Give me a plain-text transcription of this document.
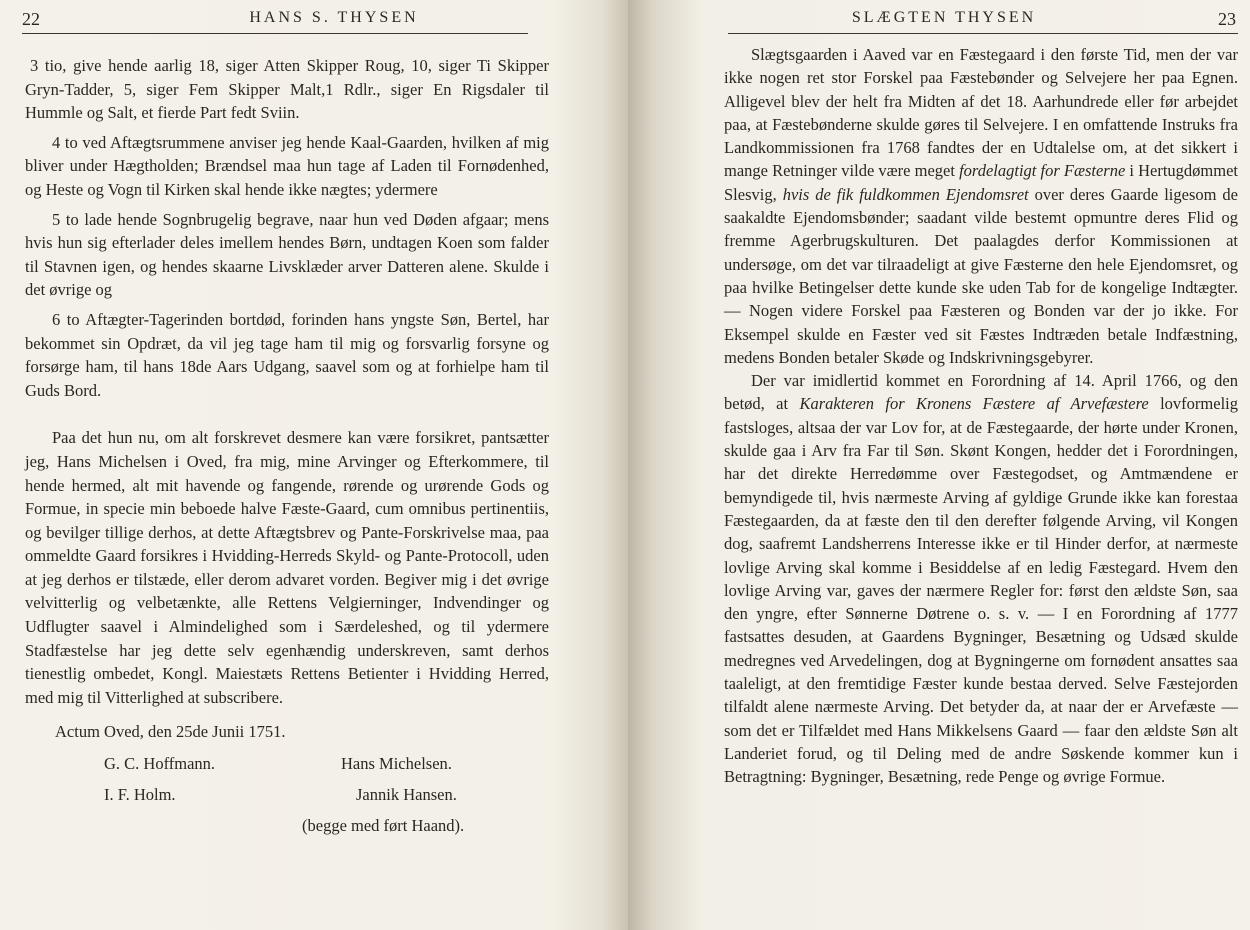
22	HANS S. THYSEN

3 tio, give hende aarlig 18, siger Atten Skipper Roug, 10, siger Ti Skipper Gryn-Tadder, 5, siger Fem Skipper Malt,1 Rdlr., siger En Rigsdaler til Hummle og Salt, et fierde Part fedt Sviin.

4 to ved Aftægtsrummene anviser jeg hende Kaal-Gaarden, hvilken af mig bliver under Hægtholden; Brændsel maa hun tage af Laden til Fornødenhed, og Heste og Vogn til Kirken skal hende ikke nægtes; ydermere

5 to lade hende Sognbrugelig begrave, naar hun ved Døden afgaar; mens hvis hun sig efterlader deles imellem hendes Børn, undtagen Koen som falder til Stavnen igen, og hendes skaarne Livsklæder arver Datteren alene. Skulde i det øvrige og

6 to Aftægter-Tagerinden bortdød, forinden hans yngste Søn, Bertel, har bekommet sin Opdræt, da vil jeg tage ham til mig og forsvarlig forsyne og forsørge ham, til hans 18de Aars Udgang, saavel som og at forhielpe ham til Guds Bord.

Paa det hun nu, om alt forskrevet desmere kan være forsikret, pantsætter jeg, Hans Michelsen i Oved, fra mig, mine Arvinger og Efterkommere, til hende hermed, alt mit havende og fangende, rørende og urørende Gods og Formue, in specie min beboede halve Fæste-Gaard, cum omnibus pertinentiis, og bevilger tillige derhos, at dette Aftægtsbrev og Pante-Forskrivelse maa, paa ommeldte Gaard forsikres i Hvidding-Herreds Skyld- og Pante-Protocoll, uden at jeg derhos er tilstæde, eller derom advaret vorden. Begiver mig i det øvrige velvitterlig og velbetænkte, alle Rettens Velgierninger, Indvendinger og Udflugter saavel i Almindelighed som i Særdeleshed, og til ydermere Stadfæstelse har jeg dette selv egenhændig underskreven, samt derhos tienestlig ombedet, Kongl. Maiestæts Rettens Betienter i Hvidding Herred, med mig til Vitterlighed at subscribere.

Actum Oved, den 25de Junii 1751.

G. C. Hoffmann.	Hans Michelsen.
I. F. Holm.	Jannik Hansen.
(begge med ført Haand).
SLÆGTEN THYSEN	23

Slægtsgaarden i Aaved var en Fæstegaard i den første Tid, men der var ikke nogen ret stor Forskel paa Fæstebønder og Selvejere her paa Egnen. Alligevel blev der helt fra Midten af det 18. Aarhundrede eller før arbejdet paa, at Fæstebønderne skulde gøres til Selvejere. I en omfattende Instruks fra Landkommissionen fra 1768 fandtes der en Udtalelse om, at det sikkert i mange Retninger vilde være meget fordelagtigt for Fæsterne i Hertugdømmet Slesvig, hvis de fik fuldkommen Ejendomsret over deres Gaarde ligesom de saakaldte Ejendomsbønder; saadant vilde bestemt opmuntre deres Flid og fremme Agerbrugskulturen. Det paalagdes derfor Kommissionen at undersøge, om det var tilraadeligt at give Fæsterne den hele Ejendomsret, og paa hvilke Betingelser dette kunde ske uden Tab for de kongelige Indtægter. — Nogen videre Forskel paa Fæsteren og Bonden var der jo ikke. For Eksempel skulde en Fæster ved sit Fæstes Indtræden betale Indfæstning, medens Bonden betaler Skøde og Indskrivningsgebyrer.

Der var imidlertid kommet en Forordning af 14. April 1766, og den betød, at Karakteren for Kronens Fæstere af Arvefæstere lovformelig fastsloges, altsaa der var Lov for, at de Fæstegaarde, der hørte under Kronen, skulde gaa i Arv fra Far til Søn. Skønt Kongen, hedder det i Forordningen, har det direkte Herredømme over Fæstegodset, og Amtmændene er bemyndigede til, hvis nærmeste Arving af gyldige Grunde ikke kan forestaa Fæstegaarden, da at fæste den til den derefter følgende Arving, vil Kongen dog, saafremt Landsherrens Interesse ikke er til Hinder derfor, at nærmeste lovlige Arving skal komme i Besiddelse af en ledig Fæstegard. Hvem den lovlige Arving var, gaves der nærmere Regler for: først den ældste Søn, saa den yngre, efter Sønnerne Døtrene o. s. v. — I en Forordning af 1777 fastsattes desuden, at Gaardens Bygninger, Besætning og Udsæd skulde medregnes ved Arvedelingen, dog at Bygningerne om fornødent ansattes saa taaleligt, at den fremtidige Fæster kunde bestaa derved. Selve Fæstejorden tilfaldt alene nærmeste Arving. Det betyder da, at naar der er Arvefæste — som det er Tilfældet med Hans Mikkelsens Gaard — faar den ældste Søn alt Landeriet forud, og til Deling med de andre Søskende kommer kun i Betragtning: Bygninger, Besætning, rede Penge og øvrige Formue.
